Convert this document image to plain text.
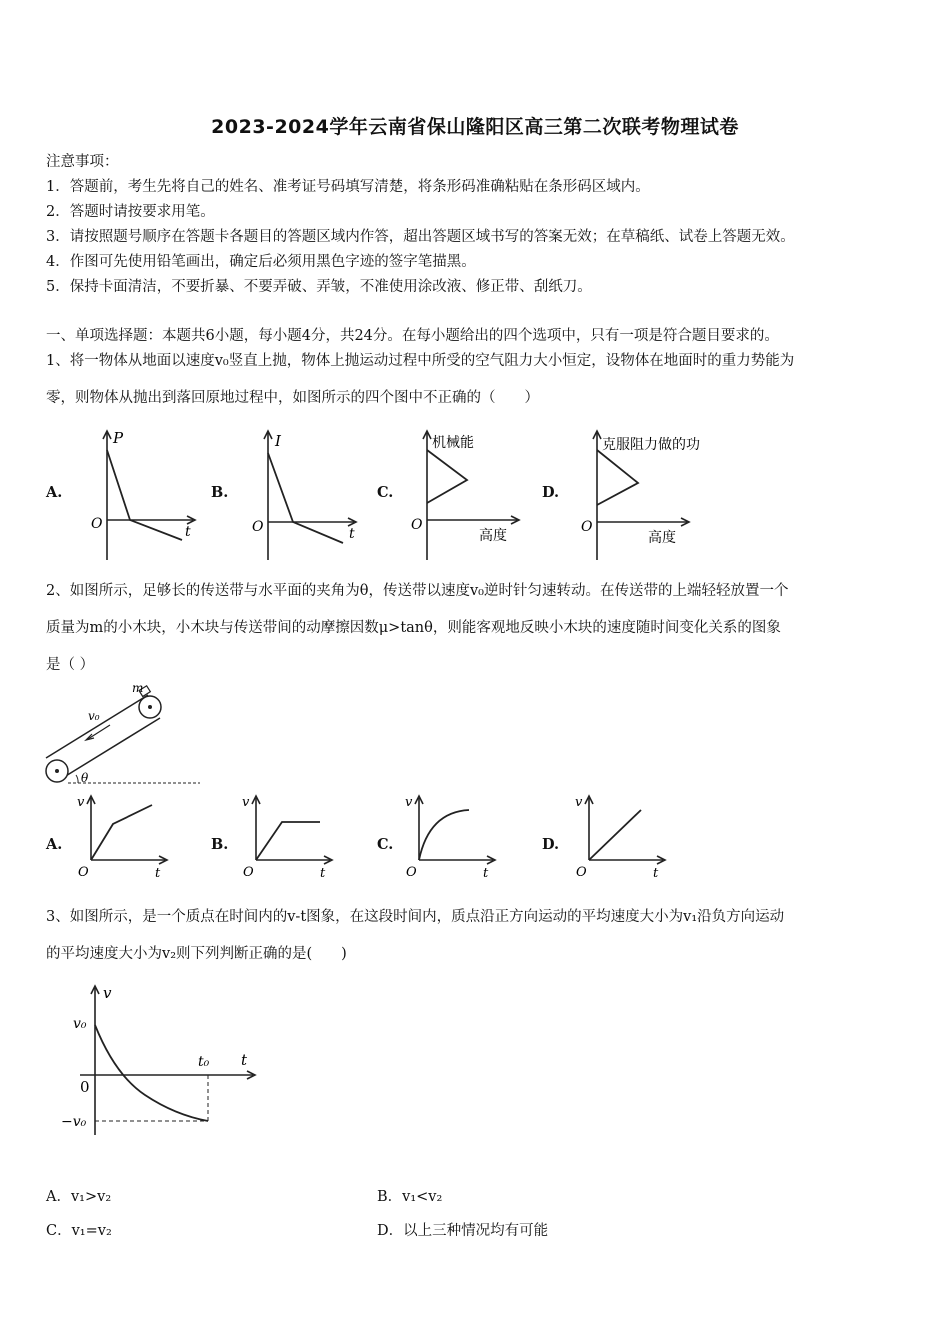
2023-2024学年云南省保山隆阳区高三第二次联考物理试卷
注意事项：
1．答题前，考生先将自己的姓名、准考证号码填写清楚，将条形码准确粘贴在条形码区域内。
2．答题时请按要求用笔。
3．请按照题号顺序在答题卡各题目的答题区域内作答，超出答题区域书写的答案无效；在草稿纸、试卷上答题无效。
4．作图可先使用铅笔画出，确定后必须用黑色字迹的签字笔描黑。
5．保持卡面清洁，不要折暴、不要弄破、弄皱，不准使用涂改液、修正带、刮纸刀。
一、单项选择题：本题共6小题，每小题4分，共24分。在每小题给出的四个选项中，只有一项是符合题目要求的。
1、将一物体从地面以速度v₀竖直上抛，物体上抛运动过程中所受的空气阻力大小恒定，设物体在地面时的重力势能为
零，则物体从抛出到落回原地过程中，如图所示的四个图中不正确的（　　）
A.	B.	C.	D.
P
O	t
I
O	t
机械能
O
高度
克服阻力做的功
O
高度
2、如图所示，足够长的传送带与水平面的夹角为θ，传送带以速度v₀逆时针匀速转动。在传送带的上端轻轻放置一个
质量为m的小木块，小木块与传送带间的动摩擦因数μ>tanθ，则能客观地反映小木块的速度随时间变化关系的图象
是（ ）
m
v₀
θ
A.	B.	C.	D.
v
O	t
v
O	t
v
O	t
v
O	t
3、如图所示，是一个质点在时间内的v-t图象，在这段时间内，质点沿正方向运动的平均速度大小为v₁沿负方向运动
的平均速度大小为v₂则下列判断正确的是(　　)
v
t
v₀
0
t₀
−v₀
A．v₁>v₂	B．v₁<v₂
C．v₁=v₂	D．以上三种情况均有可能
